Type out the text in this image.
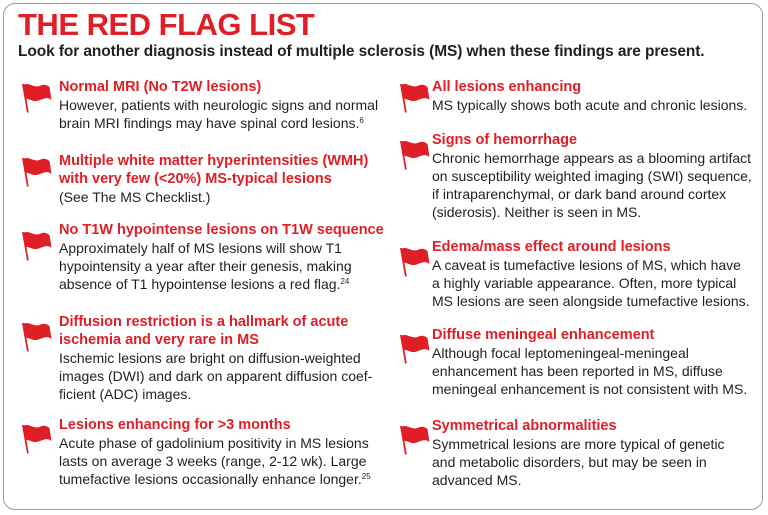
THE RED FLAG LIST

Look for another diagnosis instead of multiple sclerosis (MS) when these findings are present.

Normal MRI (No T2W lesions)
However, patients with neurologic signs and normal
brain MRI findings may have spinal cord lesions.$^6$
Multiple white matter hyperintensities (WMH)
with very few (<20%) MS-typical lesions
(See The MS Checklist.)
No T1W hypointense lesions on T1W sequence
Approximately half of MS lesions will show T1
hypointensity a year after their genesis, making
absence of T1 hypointense lesions a red flag.$^{24}$
Diffusion restriction is a hallmark of acute
ischemia and very rare in MS
Ischemic lesions are bright on diffusion-weighted
images (DWI) and dark on apparent diffusion coef-
ficient (ADC) images.
Lesions enhancing for >3 months
Acute phase of gadolinium positivity in MS lesions
lasts on average 3 weeks (range, 2-12 wk). Large
tumefactive lesions occasionally enhance longer.$^{25}$
All lesions enhancing
MS typically shows both acute and chronic lesions.
Signs of hemorrhage
Chronic hemorrhage appears as a blooming artifact
on susceptibility weighted imaging (SWI) sequence,
if intraparenchymal, or dark band around cortex
(siderosis). Neither is seen in MS.
Edema/mass effect around lesions
A caveat is tumefactive lesions of MS, which have
a highly variable appearance. Often, more typical
MS lesions are seen alongside tumefactive lesions.
Diffuse meningeal enhancement
Although focal leptomeningeal-meningeal
enhancement has been reported in MS, diffuse
meningeal enhancement is not consistent with MS.
Symmetrical abnormalities
Symmetrical lesions are more typical of genetic
and metabolic disorders, but may be seen in
advanced MS.
